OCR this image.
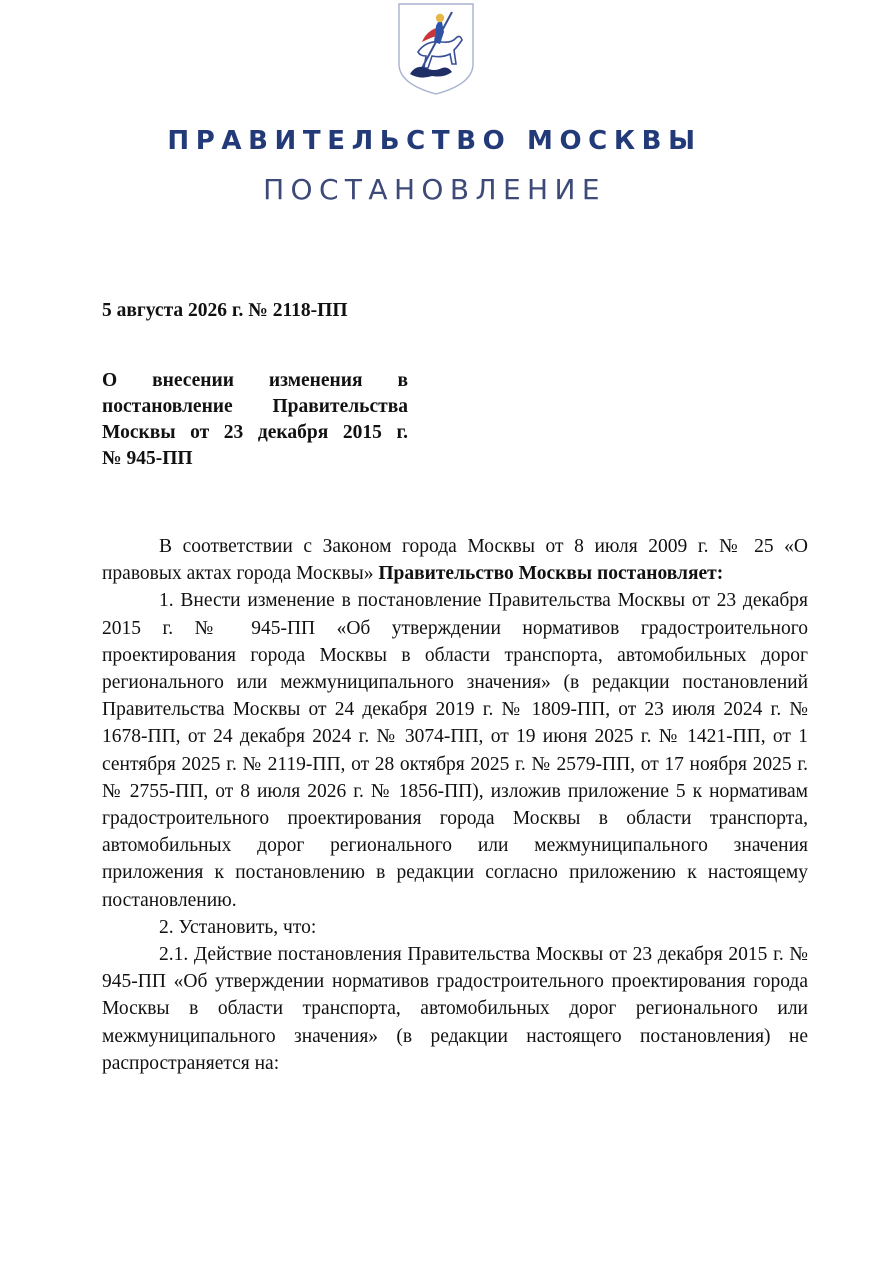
ПРАВИТЕЛЬСТВО МОСКВЫ
ПОСТАНОВЛЕНИЕ
5 августа 2026 г. № 2118-ПП
О внесении изменения в
постановление Правительства
Москвы от 23 декабря 2015 г.
№ 945-ПП

В соответствии с Законом города Москвы от 8 июля 2009 г. № 25 «О правовых актах города Москвы» Правительство Москвы постановляет:

1. Внести изменение в постановление Правительства Москвы от 23 декабря 2015 г. № 945-ПП «Об утверждении нормативов градостроительного проектирования города Москвы в области транспорта, автомобильных дорог регионального или межмуниципального значения» (в редакции постановлений Правительства Москвы от 24 декабря 2019 г. № 1809-ПП, от 23 июля 2024 г. № 1678-ПП, от 24 декабря 2024 г. № 3074-ПП, от 19 июня 2025 г. № 1421-ПП, от 1 сентября 2025 г. № 2119-ПП, от 28 октября 2025 г. № 2579-ПП, от 17 ноября 2025 г. № 2755-ПП, от 8 июля 2026 г. № 1856-ПП), изложив приложение 5 к нормативам градостроительного проектирования города Москвы в области транспорта, автомобильных дорог регионального или межмуниципального значения приложения к постановлению в редакции согласно приложению к настоящему постановлению.

2. Установить, что:

2.1. Действие постановления Правительства Москвы от 23 декабря 2015 г. № 945-ПП «Об утверждении нормативов градостроительного проектирования города Москвы в области транспорта, автомобильных дорог регионального или межмуниципального значения» (в редакции настоящего постановления) не распространяется на:
